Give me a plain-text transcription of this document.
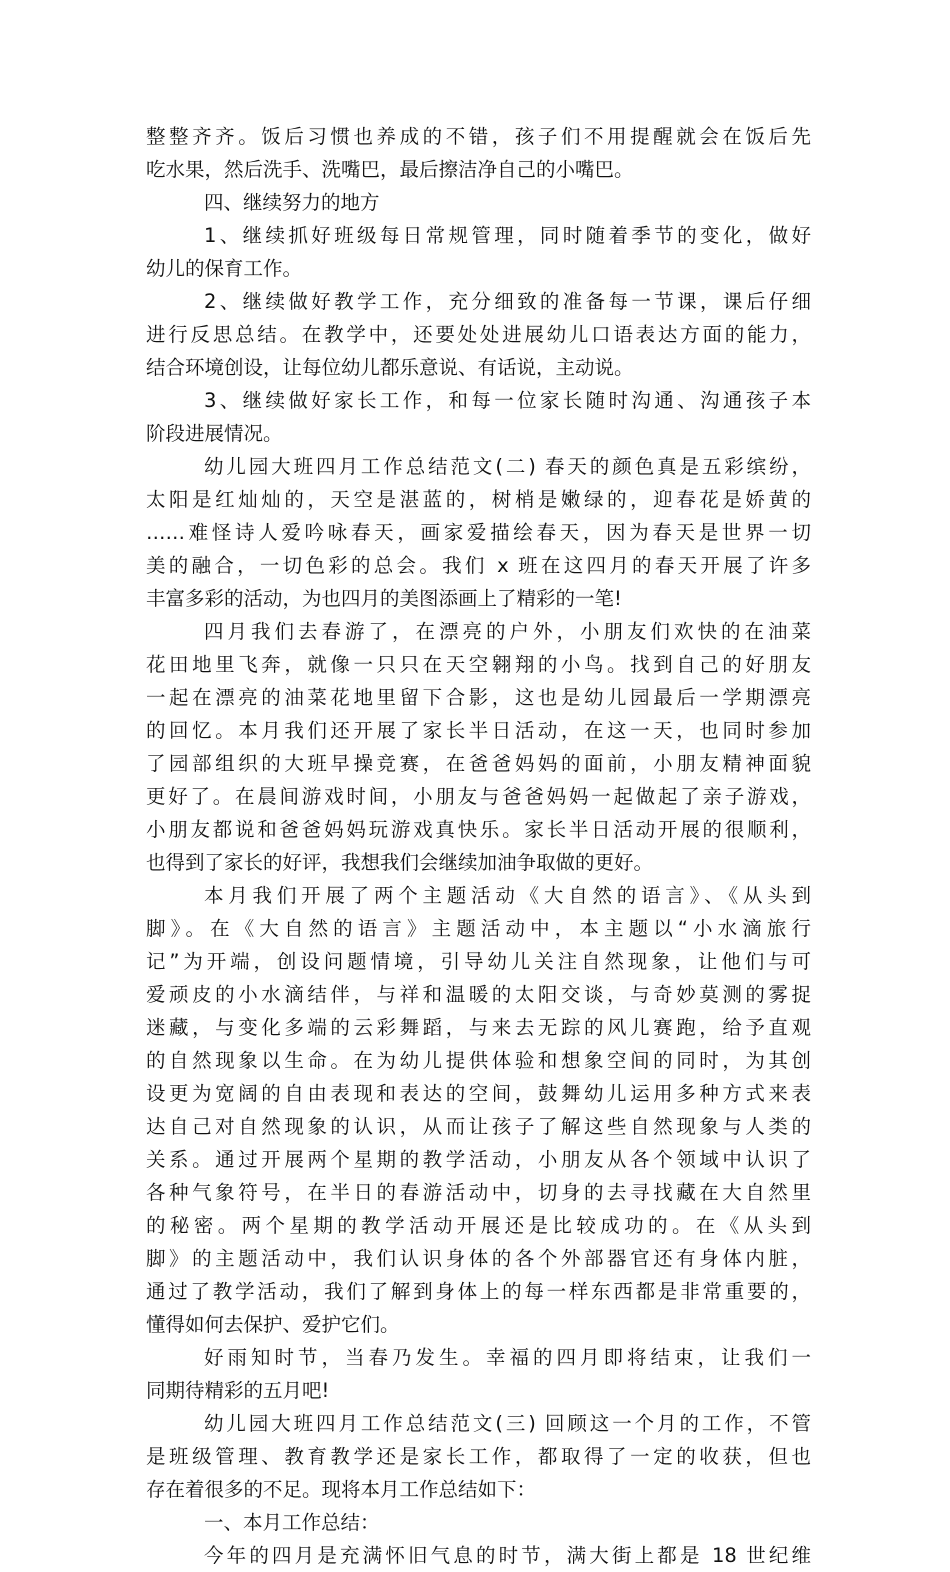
整整齐齐。饭后习惯也养成的不错，孩子们不用提醒就会在饭后先
吃水果，然后洗手、洗嘴巴，最后擦洁净自己的小嘴巴。
四、继续努力的地方
1、继续抓好班级每日常规管理，同时随着季节的变化，做好
幼儿的保育工作。
2、继续做好教学工作，充分细致的准备每一节课，课后仔细
进行反思总结。在教学中，还要处处进展幼儿口语表达方面的能力，
结合环境创设，让每位幼儿都乐意说、有话说，主动说。
3、继续做好家长工作，和每一位家长随时沟通、沟通孩子本
阶段进展情况。
幼儿园大班四月工作总结范文(二) 春天的颜色真是五彩缤纷，
太阳是红灿灿的，天空是湛蓝的，树梢是嫩绿的，迎春花是娇黄的
……难怪诗人爱吟咏春天，画家爱描绘春天，因为春天是世界一切
美的融合，一切色彩的总会。我们 x 班在这四月的春天开展了许多
丰富多彩的活动，为也四月的美图添画上了精彩的一笔!
四月我们去春游了，在漂亮的户外，小朋友们欢快的在油菜
花田地里飞奔，就像一只只在天空翱翔的小鸟。找到自己的好朋友
一起在漂亮的油菜花地里留下合影，这也是幼儿园最后一学期漂亮
的回忆。本月我们还开展了家长半日活动，在这一天，也同时参加
了园部组织的大班早操竞赛，在爸爸妈妈的面前，小朋友精神面貌
更好了。在晨间游戏时间，小朋友与爸爸妈妈一起做起了亲子游戏，
小朋友都说和爸爸妈妈玩游戏真快乐。家长半日活动开展的很顺利，
也得到了家长的好评，我想我们会继续加油争取做的更好。
本月我们开展了两个主题活动《大自然的语言》、《从头到
脚》。在《大自然的语言》主题活动中，本主题以“小水滴旅行
记”为开端，创设问题情境，引导幼儿关注自然现象，让他们与可
爱顽皮的小水滴结伴，与祥和温暖的太阳交谈，与奇妙莫测的雾捉
迷藏，与变化多端的云彩舞蹈，与来去无踪的风儿赛跑，给予直观
的自然现象以生命。在为幼儿提供体验和想象空间的同时，为其创
设更为宽阔的自由表现和表达的空间，鼓舞幼儿运用多种方式来表
达自己对自然现象的认识，从而让孩子了解这些自然现象与人类的
关系。通过开展两个星期的教学活动，小朋友从各个领域中认识了
各种气象符号，在半日的春游活动中，切身的去寻找藏在大自然里
的秘密。两个星期的教学活动开展还是比较成功的。在《从头到
脚》的主题活动中，我们认识身体的各个外部器官还有身体内脏，
通过了教学活动，我们了解到身体上的每一样东西都是非常重要的，
懂得如何去保护、爱护它们。
好雨知时节，当春乃发生。幸福的四月即将结束，让我们一
同期待精彩的五月吧!
幼儿园大班四月工作总结范文(三) 回顾这一个月的工作，不管
是班级管理、教育教学还是家长工作，都取得了一定的收获，但也
存在着很多的不足。现将本月工作总结如下：
一、本月工作总结：
今年的四月是充满怀旧气息的时节，满大街上都是 18 世纪维
